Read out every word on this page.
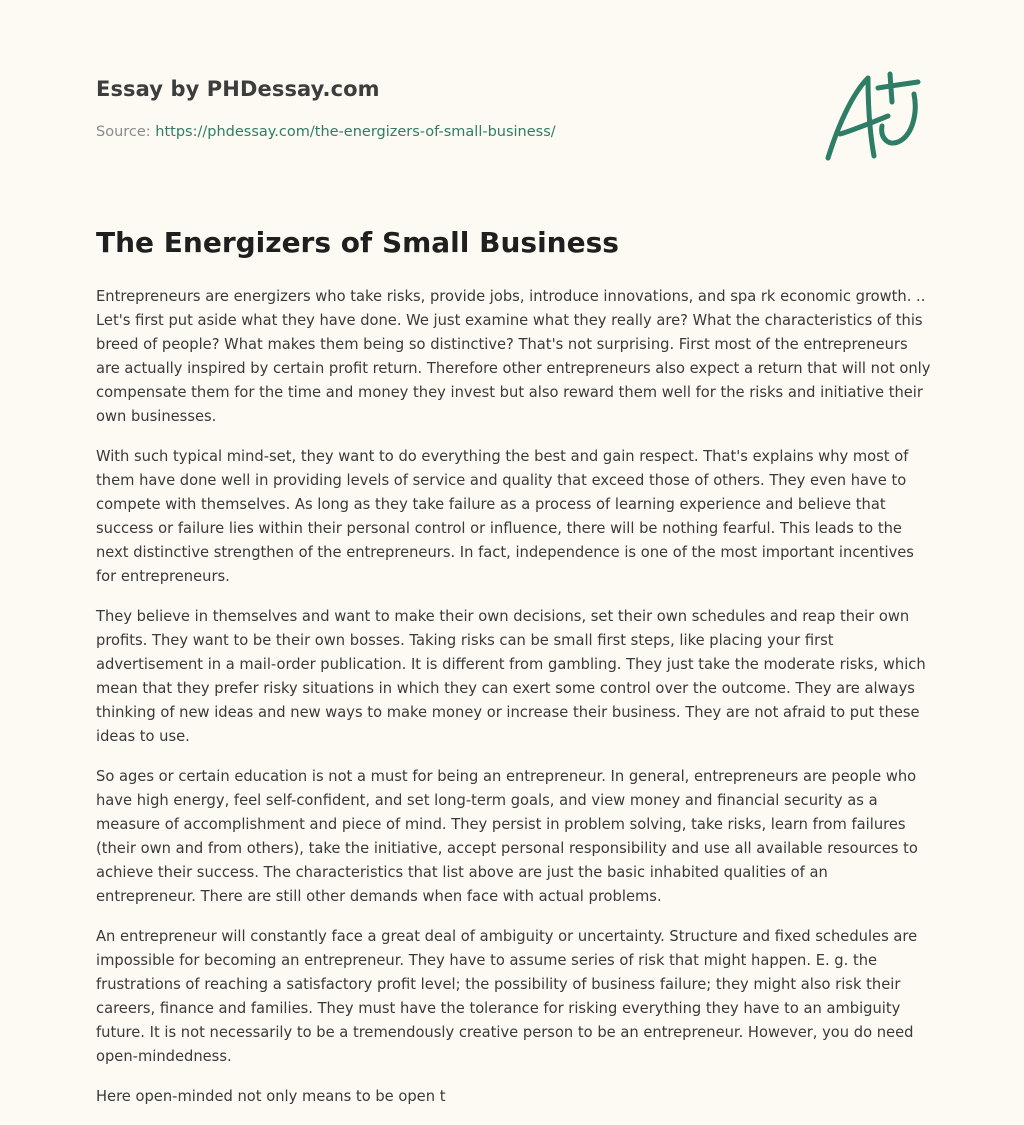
Essay by PHDessay.com
Source: https://phdessay.com/the-energizers-of-small-business/
The Energizers of Small Business

Entrepreneurs are energizers who take risks, provide jobs, introduce innovations, and spa rk economic growth. .. Let's first put aside what they have done. We just examine what they really are? What the characteristics of this breed of people? What makes them being so distinctive? That's not surprising. First most of the entrepreneurs are actually inspired by certain profit return. Therefore other entrepreneurs also expect a return that will not only compensate them for the time and money they invest but also reward them well for the risks and initiative their own businesses.

With such typical mind-set, they want to do everything the best and gain respect. That's explains why most of them have done well in providing levels of service and quality that exceed those of others. They even have to compete with themselves. As long as they take failure as a process of learning experience and believe that success or failure lies within their personal control or influence, there will be nothing fearful. This leads to the next distinctive strengthen of the entrepreneurs. In fact, independence is one of the most important incentives for entrepreneurs.

They believe in themselves and want to make their own decisions, set their own schedules and reap their own profits. They want to be their own bosses. Taking risks can be small first steps, like placing your first advertisement in a mail-order publication. It is different from gambling. They just take the moderate risks, which mean that they prefer risky situations in which they can exert some control over the outcome. They are always thinking of new ideas and new ways to make money or increase their business. They are not afraid to put these ideas to use.

So ages or certain education is not a must for being an entrepreneur. In general, entrepreneurs are people who have high energy, feel self-confident, and set long-term goals, and view money and financial security as a measure of accomplishment and piece of mind. They persist in problem solving, take risks, learn from failures (their own and from others), take the initiative, accept personal responsibility and use all available resources to achieve their success. The characteristics that list above are just the basic inhabited qualities of an entrepreneur. There are still other demands when face with actual problems.

An entrepreneur will constantly face a great deal of ambiguity or uncertainty. Structure and fixed schedules are impossible for becoming an entrepreneur. They have to assume series of risk that might happen. E. g. the frustrations of reaching a satisfactory profit level; the possibility of business failure; they might also risk their careers, finance and families. They must have the tolerance for risking everything they have to an ambiguity future. It is not necessarily to be a tremendously creative person to be an entrepreneur. However, you do need open-mindedness.

Here open-minded not only means to be open t
